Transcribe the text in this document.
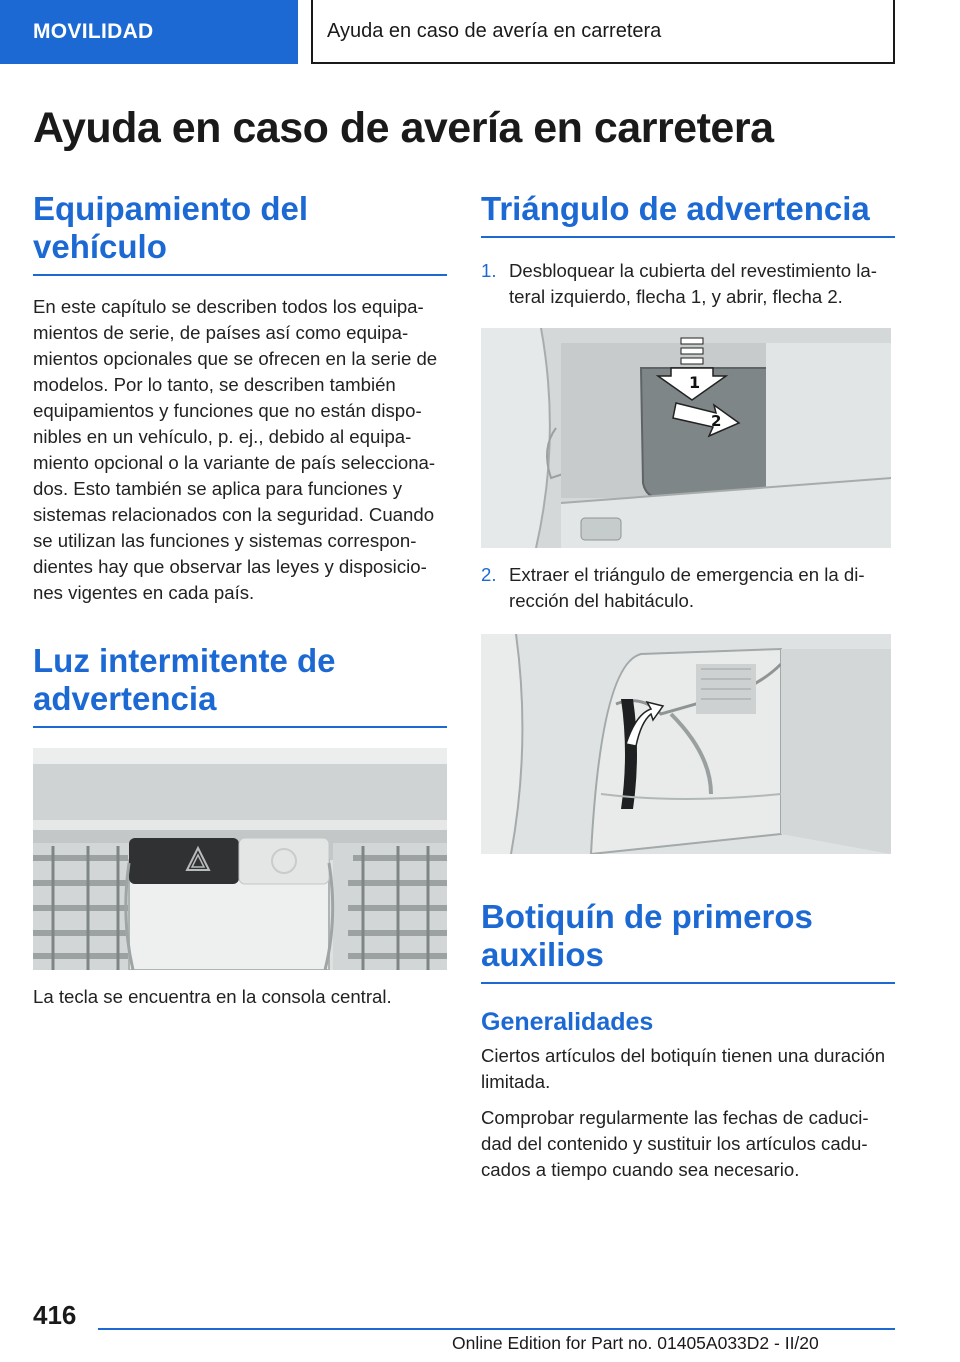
MOVILIDAD	Ayuda en caso de avería en carretera
Ayuda en caso de avería en carretera
Equipamiento del vehículo

En este capítulo se describen todos los equipa-
mientos de serie, de países así como equipa-
mientos opcionales que se ofrecen en la serie de
modelos. Por lo tanto, se describen también
equipamientos y funciones que no están dispo-
nibles en un vehículo, p. ej., debido al equipa-
miento opcional o la variante de país selecciona-
dos. Esto también se aplica para funciones y
sistemas relacionados con la seguridad. Cuando
se utilizan las funciones y sistemas correspon-
dientes hay que observar las leyes y disposicio-
nes vigentes en cada país.

Luz intermitente de
advertencia

La tecla se encuentra en la consola central.

Triángulo de advertencia
1. Desbloquear la cubierta del revestimiento la-
teral izquierdo, flecha 1, y abrir, flecha 2.
1
2
2. Extraer el triángulo de emergencia en la di-
rección del habitáculo.
Botiquín de primeros
auxilios
Generalidades

Ciertos artículos del botiquín tienen una duración
limitada.

Comprobar regularmente las fechas de caduci-
dad del contenido y sustituir los artículos cadu-
cados a tiempo cuando sea necesario.

416
Online Edition for Part no. 01405A033D2 - II/20
